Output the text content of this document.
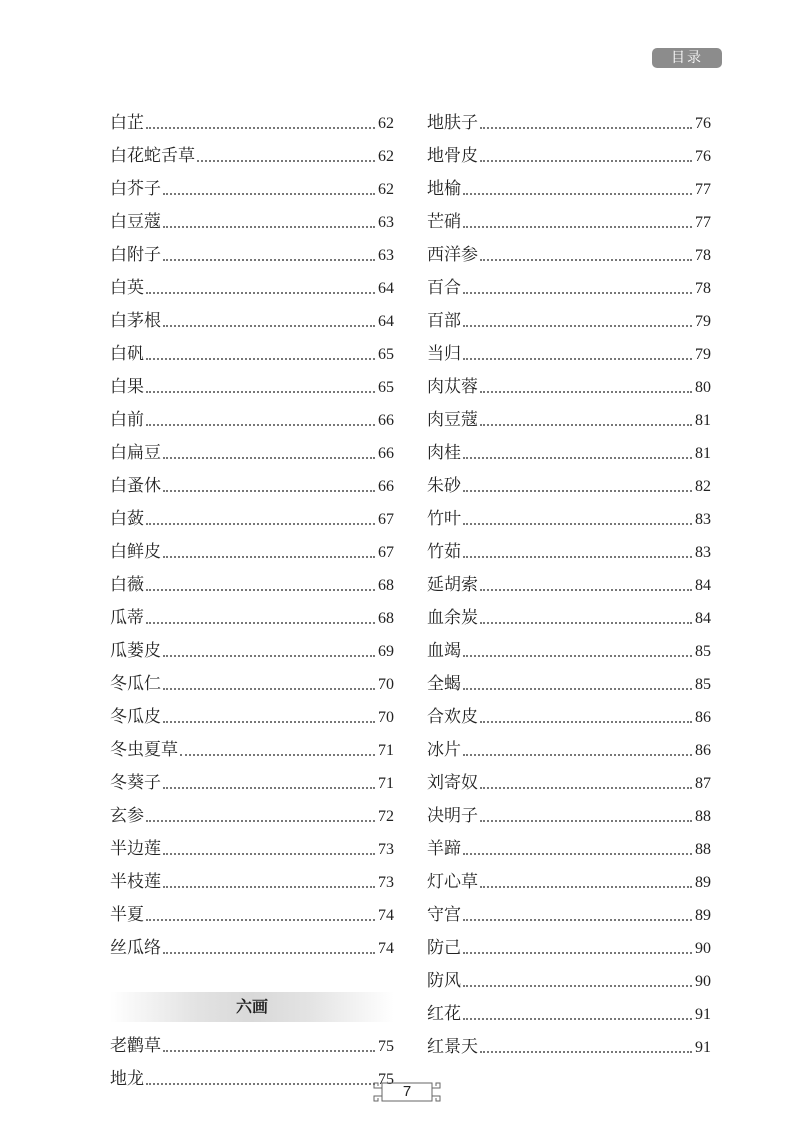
目录
白芷	62
白花蛇舌草	62
白芥子	62
白豆蔻	63
白附子	63
白英	64
白茅根	64
白矾	65
白果	65
白前	66
白扁豆	66
白蚤休	66
白蔹	67
白鲜皮	67
白薇	68
瓜蒂	68
瓜蒌皮	69
冬瓜仁	70
冬瓜皮	70
冬虫夏草	71
冬葵子	71
玄参	72
半边莲	73
半枝莲	73
半夏	74
丝瓜络	74
六画
老鹳草	75
地龙	75
地肤子	76
地骨皮	76
地榆	77
芒硝	77
西洋参	78
百合	78
百部	79
当归	79
肉苁蓉	80
肉豆蔻	81
肉桂	81
朱砂	82
竹叶	83
竹茹	83
延胡索	84
血余炭	84
血竭	85
全蝎	85
合欢皮	86
冰片	86
刘寄奴	87
决明子	88
羊蹄	88
灯心草	89
守宫	89
防己	90
防风	90
红花	91
红景天	91
7
